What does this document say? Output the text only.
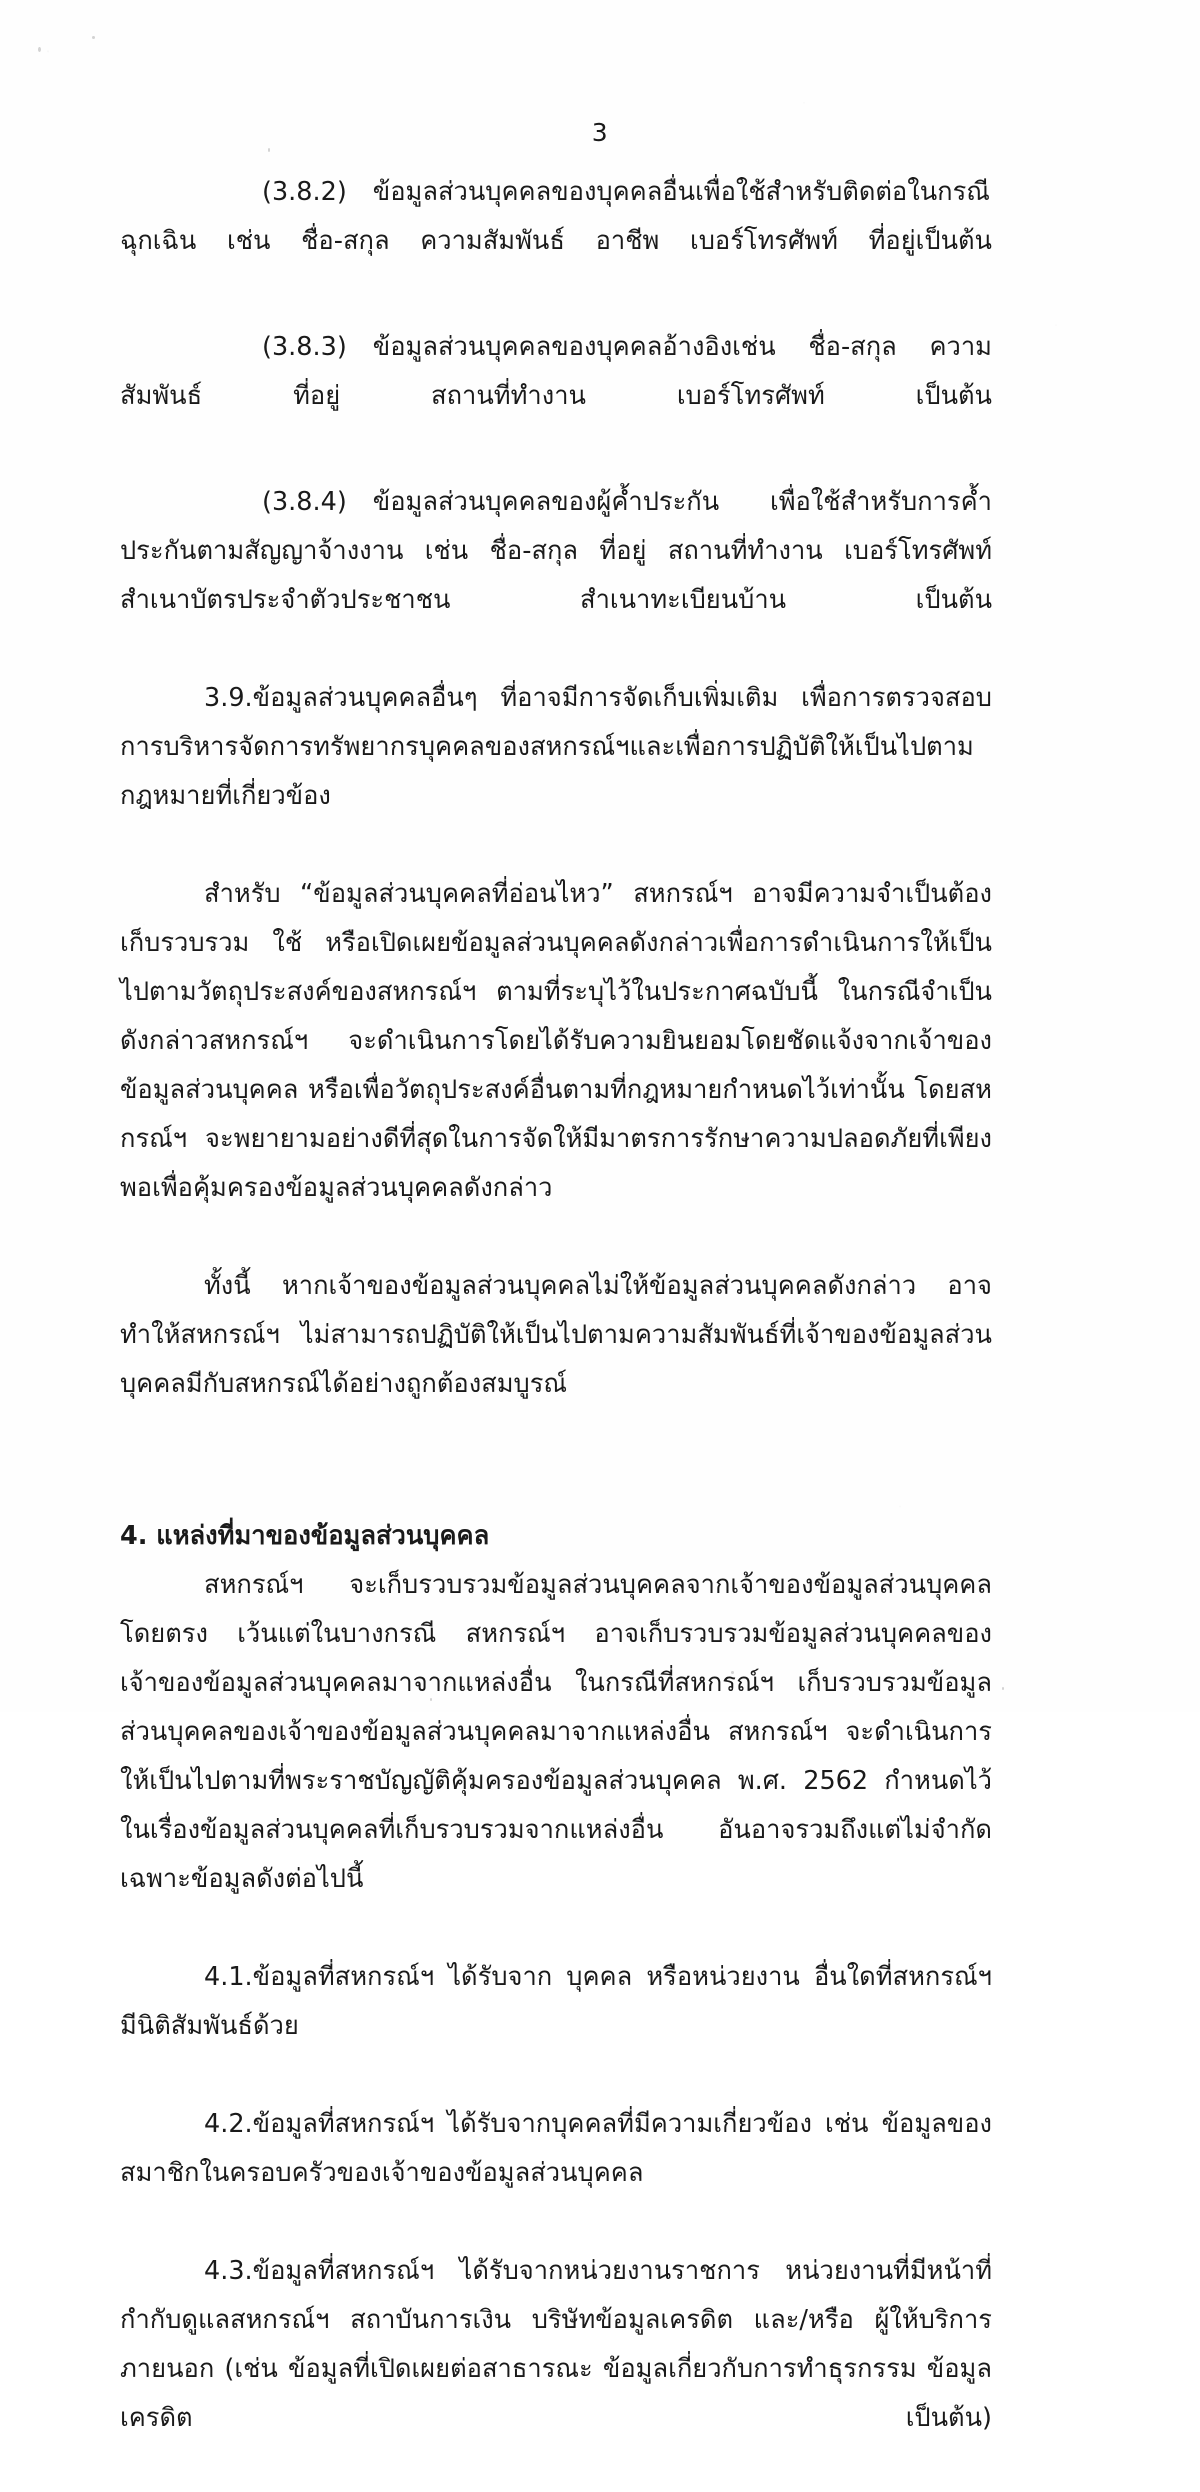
3

(3.8.2) ข้อมูลส่วนบุคคลของบุคคลอื่นเพื่อใช้สำหรับติดต่อในกรณีฉุกเฉิน เช่น ชื่อ-สกุล ความสัมพันธ์ อาชีพ เบอร์โทรศัพท์ ที่อยู่เป็นต้น

(3.8.3) ข้อมูลส่วนบุคคลของบุคคลอ้างอิงเช่น ชื่อ-สกุล ความสัมพันธ์ ที่อยู่ สถานที่ทำงาน เบอร์โทรศัพท์ เป็นต้น

(3.8.4) ข้อมูลส่วนบุคคลของผู้ค้ำประกัน เพื่อใช้สำหรับการค้ำประกันตามสัญญาจ้างงาน เช่น ชื่อ-สกุล ที่อยู่ สถานที่ทำงาน เบอร์โทรศัพท์ สำเนาบัตรประจำตัวประชาชน สำเนาทะเบียนบ้าน เป็นต้น

3.9.ข้อมูลส่วนบุคคลอื่นๆ ที่อาจมีการจัดเก็บเพิ่มเติม เพื่อการตรวจสอบ การบริหารจัดการทรัพยากรบุคคลของสหกรณ์ฯและเพื่อการปฏิบัติให้เป็นไปตามกฎหมายที่เกี่ยวข้อง

สำหรับ “ข้อมูลส่วนบุคคลที่อ่อนไหว” สหกรณ์ฯ อาจมีความจำเป็นต้องเก็บรวบรวม ใช้ หรือเปิดเผยข้อมูลส่วนบุคคลดังกล่าวเพื่อการดำเนินการให้เป็นไปตามวัตถุประสงค์ของสหกรณ์ฯ ตามที่ระบุไว้ในประกาศฉบับนี้ ในกรณีจำเป็นดังกล่าวสหกรณ์ฯ จะดำเนินการโดยได้รับความยินยอมโดยชัดแจ้งจากเจ้าของข้อมูลส่วนบุคคล หรือเพื่อวัตถุประสงค์อื่นตามที่กฎหมายกำหนดไว้เท่านั้น โดยสหกรณ์ฯ จะพยายามอย่างดีที่สุดในการจัดให้มีมาตรการรักษาความปลอดภัยที่เพียงพอเพื่อคุ้มครองข้อมูลส่วนบุคคลดังกล่าว

ทั้งนี้ หากเจ้าของข้อมูลส่วนบุคคลไม่ให้ข้อมูลส่วนบุคคลดังกล่าว อาจทำให้สหกรณ์ฯ ไม่สามารถปฏิบัติให้เป็นไปตามความสัมพันธ์ที่เจ้าของข้อมูลส่วนบุคคลมีกับสหกรณ์ได้อย่างถูกต้องสมบูรณ์

4. แหล่งที่มาของข้อมูลส่วนบุคคล

สหกรณ์ฯ จะเก็บรวบรวมข้อมูลส่วนบุคคลจากเจ้าของข้อมูลส่วนบุคคลโดยตรง เว้นแต่ในบางกรณี สหกรณ์ฯ อาจเก็บรวบรวมข้อมูลส่วนบุคคลของเจ้าของข้อมูลส่วนบุคคลมาจากแหล่งอื่น ในกรณีที่สหกรณ์ฯ เก็บรวบรวมข้อมูลส่วนบุคคลของเจ้าของข้อมูลส่วนบุคคลมาจากแหล่งอื่น สหกรณ์ฯ จะดำเนินการให้เป็นไปตามที่พระราชบัญญัติคุ้มครองข้อมูลส่วนบุคคล พ.ศ. 2562 กำหนดไว้ในเรื่องข้อมูลส่วนบุคคลที่เก็บรวบรวมจากแหล่งอื่น อันอาจรวมถึงแต่ไม่จำกัดเฉพาะข้อมูลดังต่อไปนี้

4.1.ข้อมูลที่สหกรณ์ฯ ได้รับจาก บุคคล หรือหน่วยงาน อื่นใดที่สหกรณ์ฯ มีนิติสัมพันธ์ด้วย

4.2.ข้อมูลที่สหกรณ์ฯ ได้รับจากบุคคลที่มีความเกี่ยวข้อง เช่น ข้อมูลของสมาชิกในครอบครัวของเจ้าของข้อมูลส่วนบุคคล

4.3.ข้อมูลที่สหกรณ์ฯ ได้รับจากหน่วยงานราชการ หน่วยงานที่มีหน้าที่กำกับดูแลสหกรณ์ฯ สถาบันการเงิน บริษัทข้อมูลเครดิต และ/หรือ ผู้ให้บริการภายนอก (เช่น ข้อมูลที่เปิดเผยต่อสาธารณะ ข้อมูลเกี่ยวกับการทำธุรกรรม ข้อมูลเครดิต เป็นต้น)
